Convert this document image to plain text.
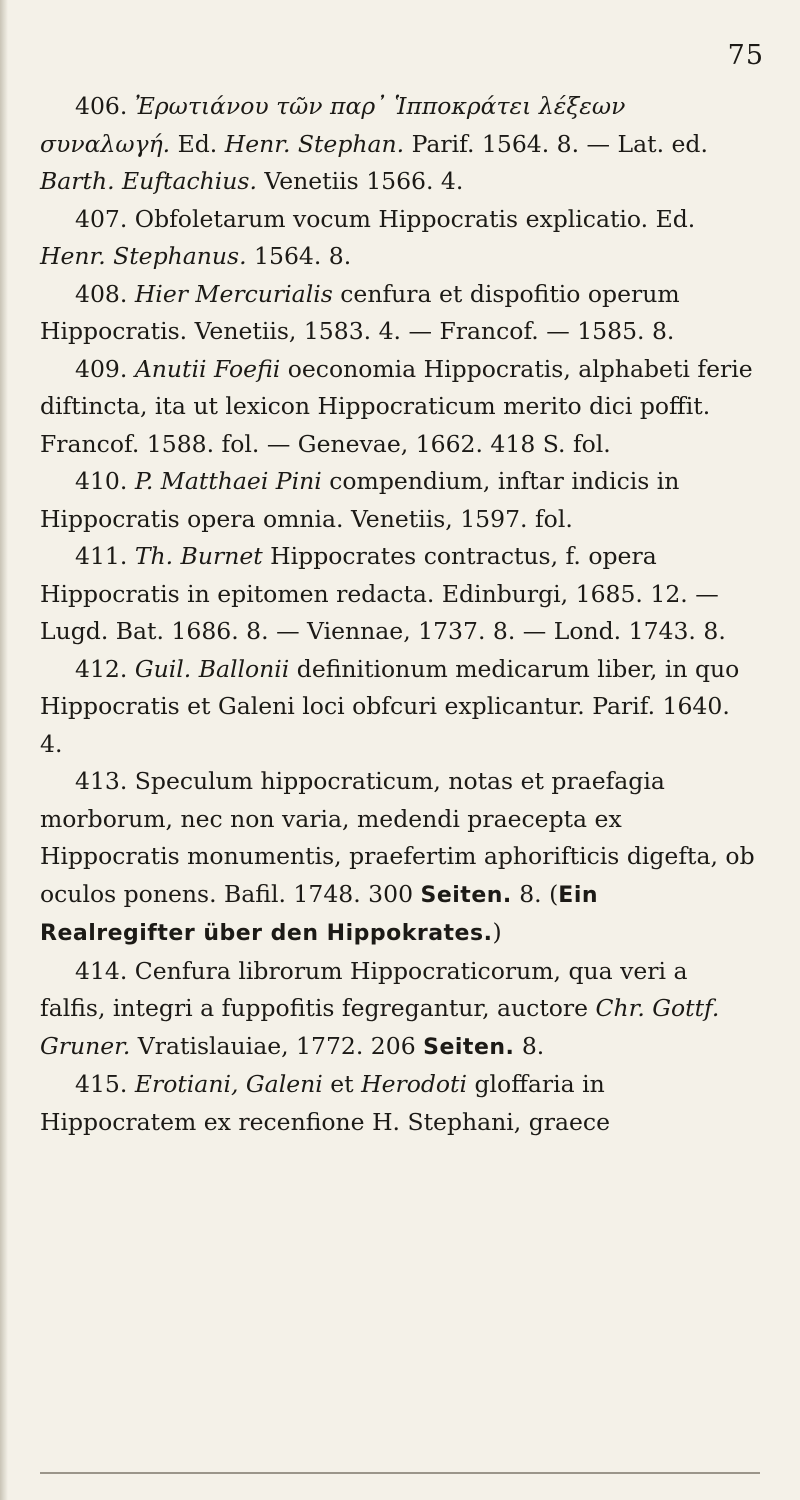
75

406. Ἐρωτιάνου τῶν παρ᾿ Ἱπποκράτει λέξεων συναλωγή. Ed. Henr. Stephan. Parif. 1564. 8. — Lat. ed. Barth. Euftachius. Venetiis 1566. 4.

407. Obfoletarum vocum Hippocratis explicatio. Ed. Henr. Stephanus. 1564. 8.

408. Hier Mercurialis cenfura et dispofitio operum Hippocratis. Venetiis, 1583. 4. — Francof. — 1585. 8.

409. Anutii Foefii oeconomia Hippocratis, alphabeti ferie diftincta, ita ut lexicon Hippocraticum merito dici poffit. Francof. 1588. fol. — Genevae, 1662. 418 S. fol.

410. P. Matthaei Pini compendium, inftar indicis in Hippocratis opera omnia. Venetiis, 1597. fol.

411. Th. Burnet Hippocrates contractus, f. opera Hippocratis in epitomen redacta. Edinburgi, 1685. 12. — Lugd. Bat. 1686. 8. — Viennae, 1737. 8. — Lond. 1743. 8.

412. Guil. Ballonii definitionum medicarum liber, in quo Hippocratis et Galeni loci obfcuri explicantur. Parif. 1640. 4.

413. Speculum hippocraticum, notas et praefagia morborum, nec non varia, medendi praecepta ex Hippocratis monumentis, praefertim aphorifticis digefta, ob oculos ponens. Bafil. 1748. 300 Seiten. 8. (Ein Realregifter über den Hippokrates.)

414. Cenfura librorum Hippocraticorum, qua veri a falfis, integri a fuppofitis fegregantur, auctore Chr. Gottf. Gruner. Vratislauiae, 1772. 206 Seiten. 8.

415. Erotiani, Galeni et Herodoti gloffaria in Hippocratem ex recenfione H. Stephani, graece
